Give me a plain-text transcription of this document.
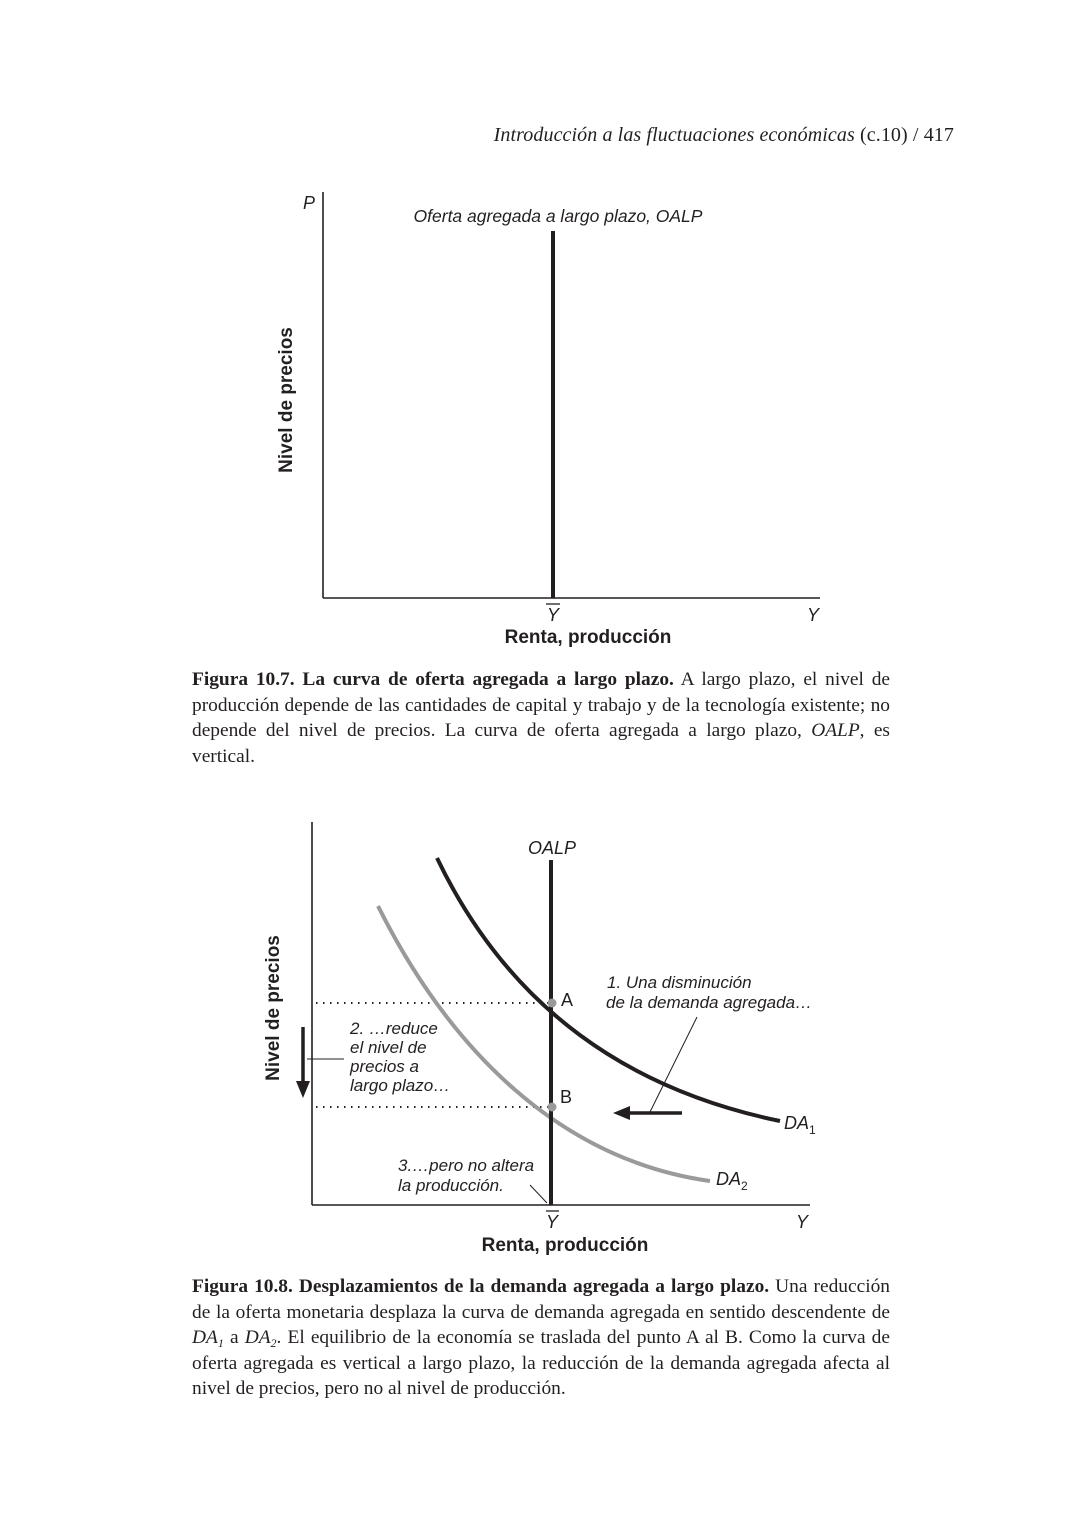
Introducción a las fluctuaciones económicas (c.10) / 417
P
Nivel de precios
Oferta agregada a largo plazo, OALP
Y	Y
Renta, producción

Figura 10.7. La curva de oferta agregada a largo plazo. A largo plazo, el nivel de producción depende de las cantidades de capital y trabajo y de la tecnología existente; no depende del nivel de precios. La curva de oferta agregada a largo plazo, OALP, es vertical.

Nivel de precios
OALP
A
B
1. Una disminución
de la demanda agregada…
2. …reduce
el nivel de
precios a
largo plazo…
3.…pero no altera
la producción.
$DA_1$
$DA_2$
Y	Y
Renta, producción

Figura 10.8. Desplazamientos de la demanda agregada a largo plazo. Una reducción de la oferta monetaria desplaza la curva de demanda agregada en sentido descendente de $DA_1$ a $DA_2$. El equilibrio de la economía se traslada del punto A al B. Como la curva de oferta agregada es vertical a largo plazo, la reducción de la demanda agregada afecta al nivel de precios, pero no al nivel de producción.
